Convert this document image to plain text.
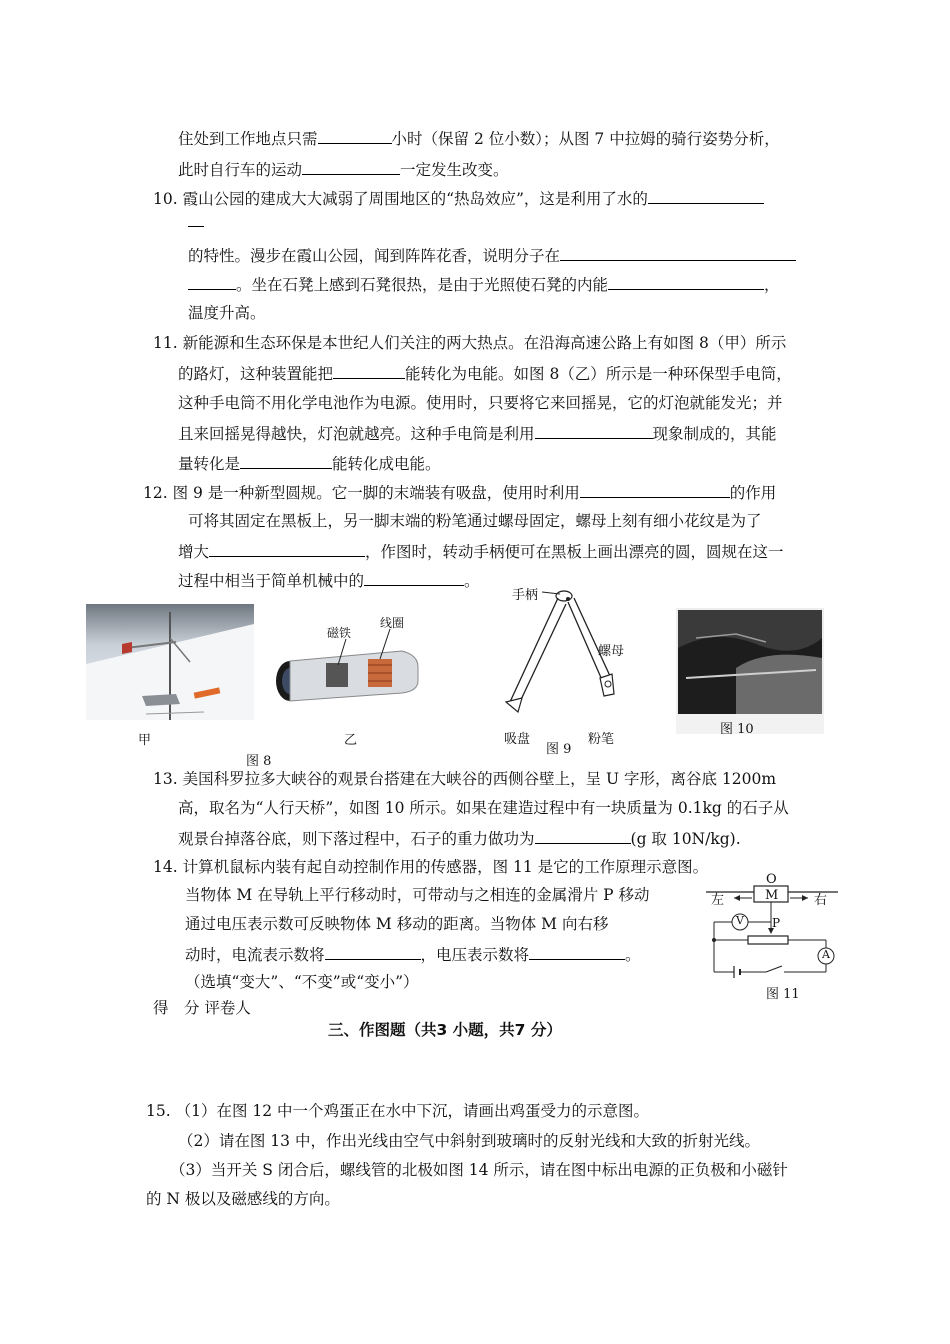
住处到工作地点只需	小时（保留 2 位小数）；从图 7 中拉姆的骑行姿势分析，
此时自行车的运动	一定发生改变。
10. 霞山公园的建成大大减弱了周围地区的“热岛效应”，这是利用了水的
的特性。漫步在霞山公园，闻到阵阵花香，说明分子在
。坐在石凳上感到石凳很热，是由于光照使石凳的内能	，
温度升高。
11. 新能源和生态环保是本世纪人们关注的两大热点。在沿海高速公路上有如图 8（甲）所示
的路灯，这种装置能把	能转化为电能。如图 8（乙）所示是一种环保型手电筒，
这种手电筒不用化学电池作为电源。使用时，只要将它来回摇晃，它的灯泡就能发光；并
且来回摇晃得越快，灯泡就越亮。这种手电筒是利用	现象制成的，其能
量转化是	能转化成电能。
12. 图 9 是一种新型圆规。它一脚的末端装有吸盘，使用时利用	的作用
可将其固定在黑板上，另一脚末端的粉笔通过螺母固定，螺母上刻有细小花纹是为了
增大	，作图时，转动手柄便可在黑板上画出漂亮的圆，圆规在这一
过程中相当于简单机械中的	。
甲
图 8
磁铁
线圈
乙
手柄
螺母
吸盘
图 9
粉笔
图 10
13. 美国科罗拉多大峡谷的观景台搭建在大峡谷的西侧谷壁上，呈 U 字形，离谷底 1200m
高，取名为“人行天桥”，如图 10 所示。如果在建造过程中有一块质量为 0.1kg 的石子从
观景台掉落谷底，则下落过程中，石子的重力做功为	(g 取 10N/kg).
14. 计算机鼠标内装有起自动控制作用的传感器，图 11 是它的工作原理示意图。
当物体 M 在导轨上平行移动时，可带动与之相连的金属滑片 P 移动
通过电压表示数可反映物体 M 移动的距离。当物体 M 向右移
动时，电流表示数将	，电压表示数将	。
（选填“变大”、“不变”或“变小”）
O
M
左	右
P
V
A
图 11
得　分 评卷人
三、作图题（共3 小题，共7 分）
15. （1）在图 12 中一个鸡蛋正在水中下沉，请画出鸡蛋受力的示意图。
（2）请在图 13 中，作出光线由空气中斜射到玻璃时的反射光线和大致的折射光线。
（3）当开关 S 闭合后，螺线管的北极如图 14 所示，请在图中标出电源的正负极和小磁针
的 N 极以及磁感线的方向。
